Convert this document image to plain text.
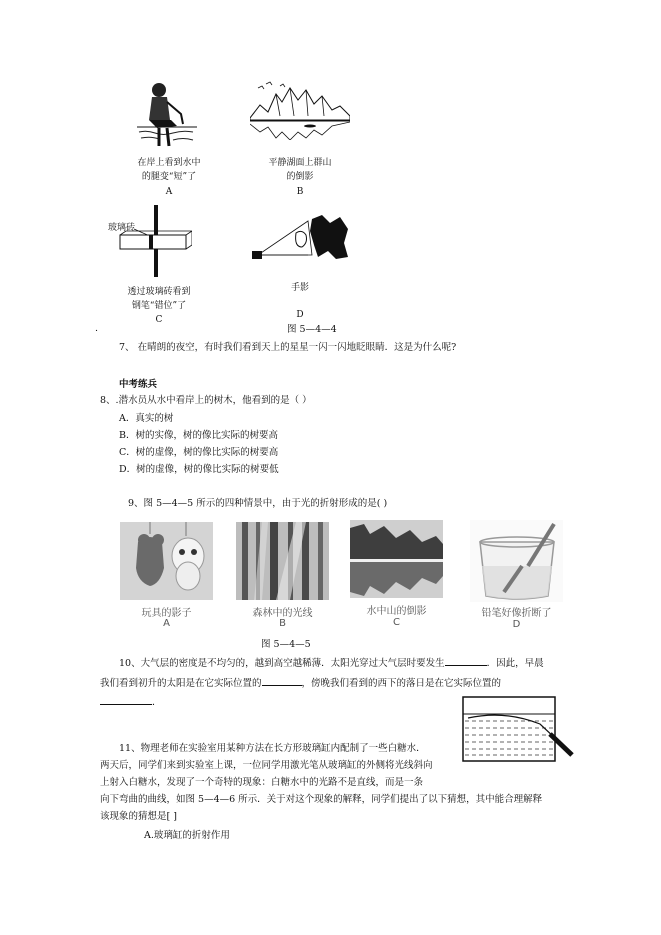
在岸上看到水中
的腿变“短”了
A
平静湖面上群山
的倒影
B
玻璃砖
透过玻璃砖看到
钢笔“错位”了
C
手影
D
.	图 5—4—4
7、 在晴朗的夜空，有时我们看到天上的星星一闪一闪地眨眼睛．这是为什么呢?
中考练兵
8、.潜水员从水中看岸上的树木，他看到的是（ ）
A．真实的树
B．树的实像，树的像比实际的树要高
C．树的虚像，树的像比实际的树要高
D．树的虚像，树的像比实际的树要低
9、图 5—4—5 所示的四种情景中，由于光的折射形成的是( )
玩具的影子
A
森林中的光线
B
水中山的倒影
C
铅笔好像折断了
D
图 5—4—5
10、大气层的密度是不均匀的，越到高空越稀薄．太阳光穿过大气层时要发生	．因此，早晨
我们看到初升的太阳是在它实际位置的	，傍晚我们看到的西下的落日是在它实际位置的
．
11、物理老师在实验室用某种方法在长方形玻璃缸内配制了一些白糖水．
两天后，同学们来到实验室上课，一位同学用激光笔从玻璃缸的外侧将光线斜向
上射入白糖水，发现了一个奇特的现象：白糖水中的光路不是直线，而是一条
向下弯曲的曲线，如图 5—4—6 所示．关于对这个现象的解释，同学们提出了以下猜想，其中能合理解释
该现象的猜想是[ ]
A.玻璃缸的折射作用
